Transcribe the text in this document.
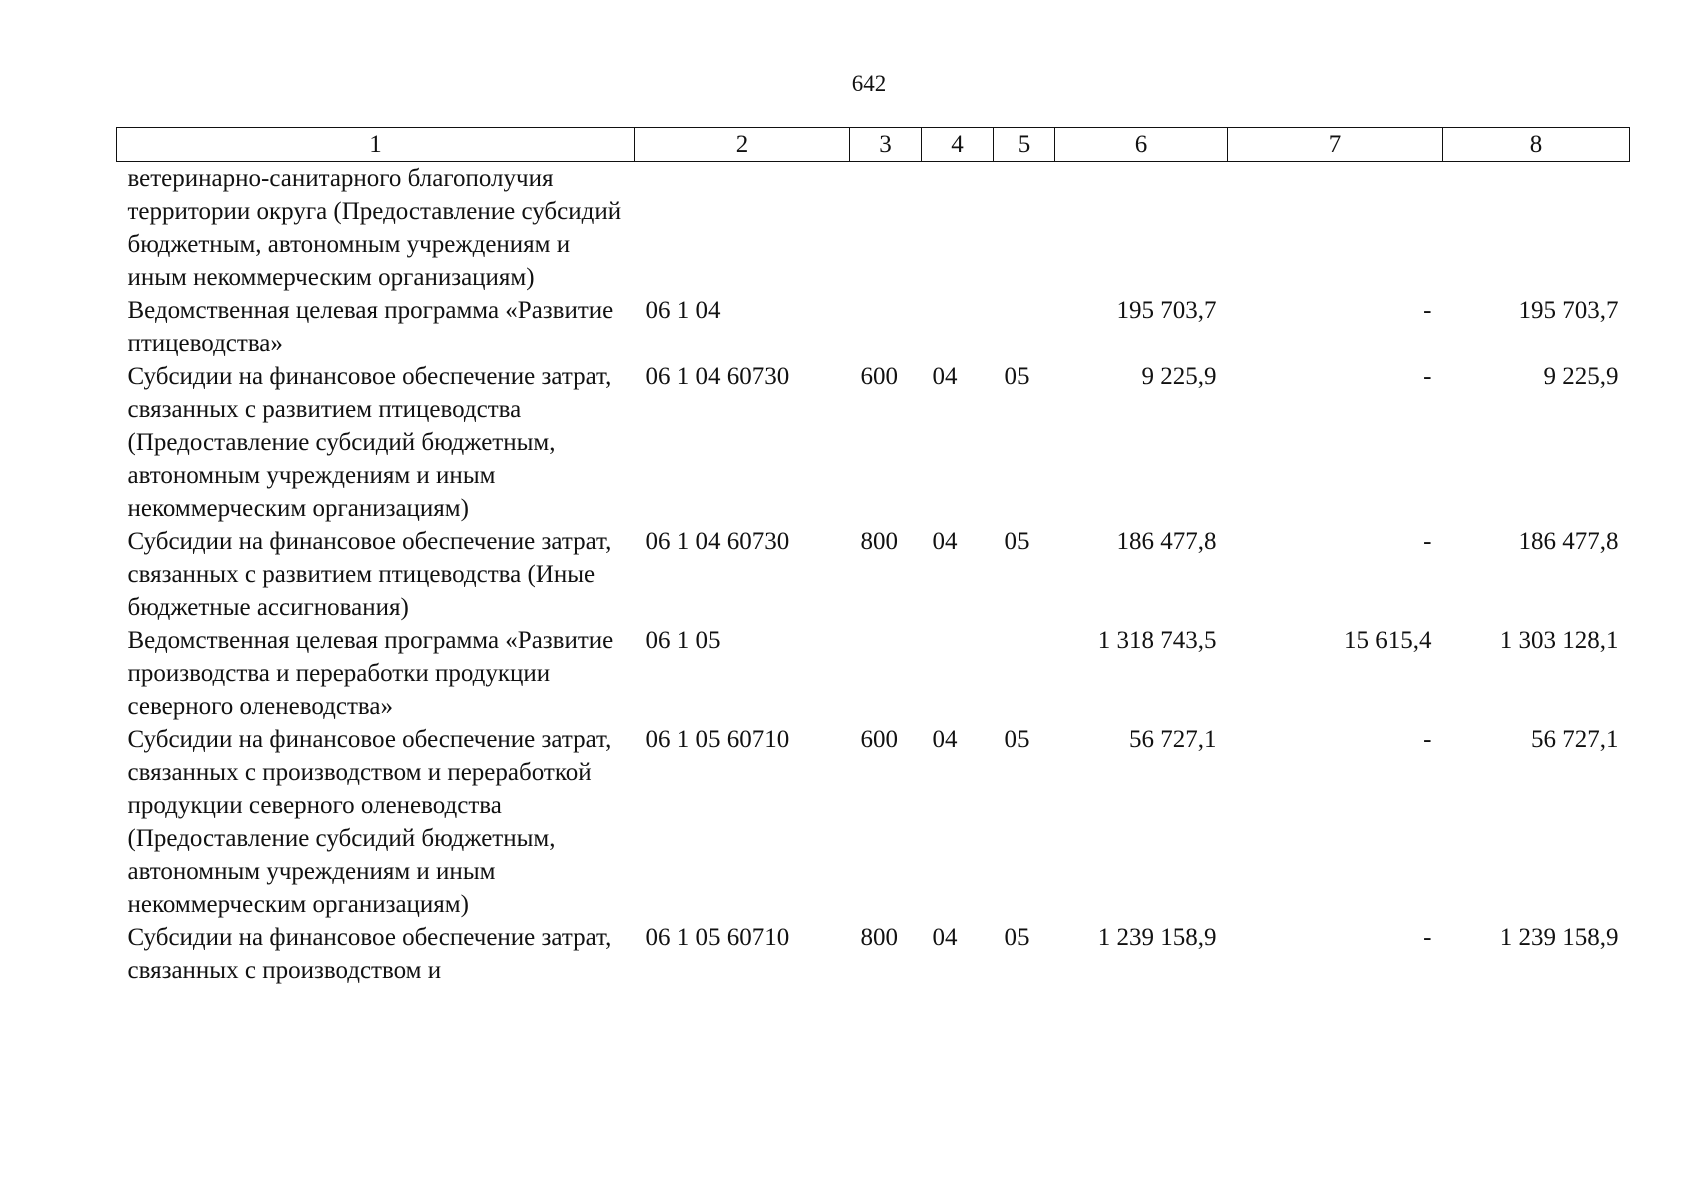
642
1	2	3	4	5	6	7	8
ветеринарно-санитарного благополучия территории округа (Предоставление субсидий бюджетным, автономным учреждениям и иным некоммерческим организациям)							
Ведомственная целевая программа «Развитие птицеводства»	06 1 04				195 703,7	-	195 703,7
Субсидии на финансовое обеспечение затрат, связанных с развитием птицеводства (Предоставление субсидий бюджетным, автономным учреждениям и иным некоммерческим организациям)	06 1 04 60730	600	04	05	9 225,9	-	9 225,9
Субсидии на финансовое обеспечение затрат, связанных с развитием птицеводства (Иные бюджетные ассигнования)	06 1 04 60730	800	04	05	186 477,8	-	186 477,8
Ведомственная целевая программа «Развитие производства и переработки продукции северного оленеводства»	06 1 05				1 318 743,5	15 615,4	1 303 128,1
Субсидии на финансовое обеспечение затрат, связанных с производством и переработкой продукции северного оленеводства (Предоставление субсидий бюджетным, автономным учреждениям и иным некоммерческим организациям)	06 1 05 60710	600	04	05	56 727,1	-	56 727,1
Субсидии на финансовое обеспечение затрат, связанных с производством и	06 1 05 60710	800	04	05	1 239 158,9	-	1 239 158,9
